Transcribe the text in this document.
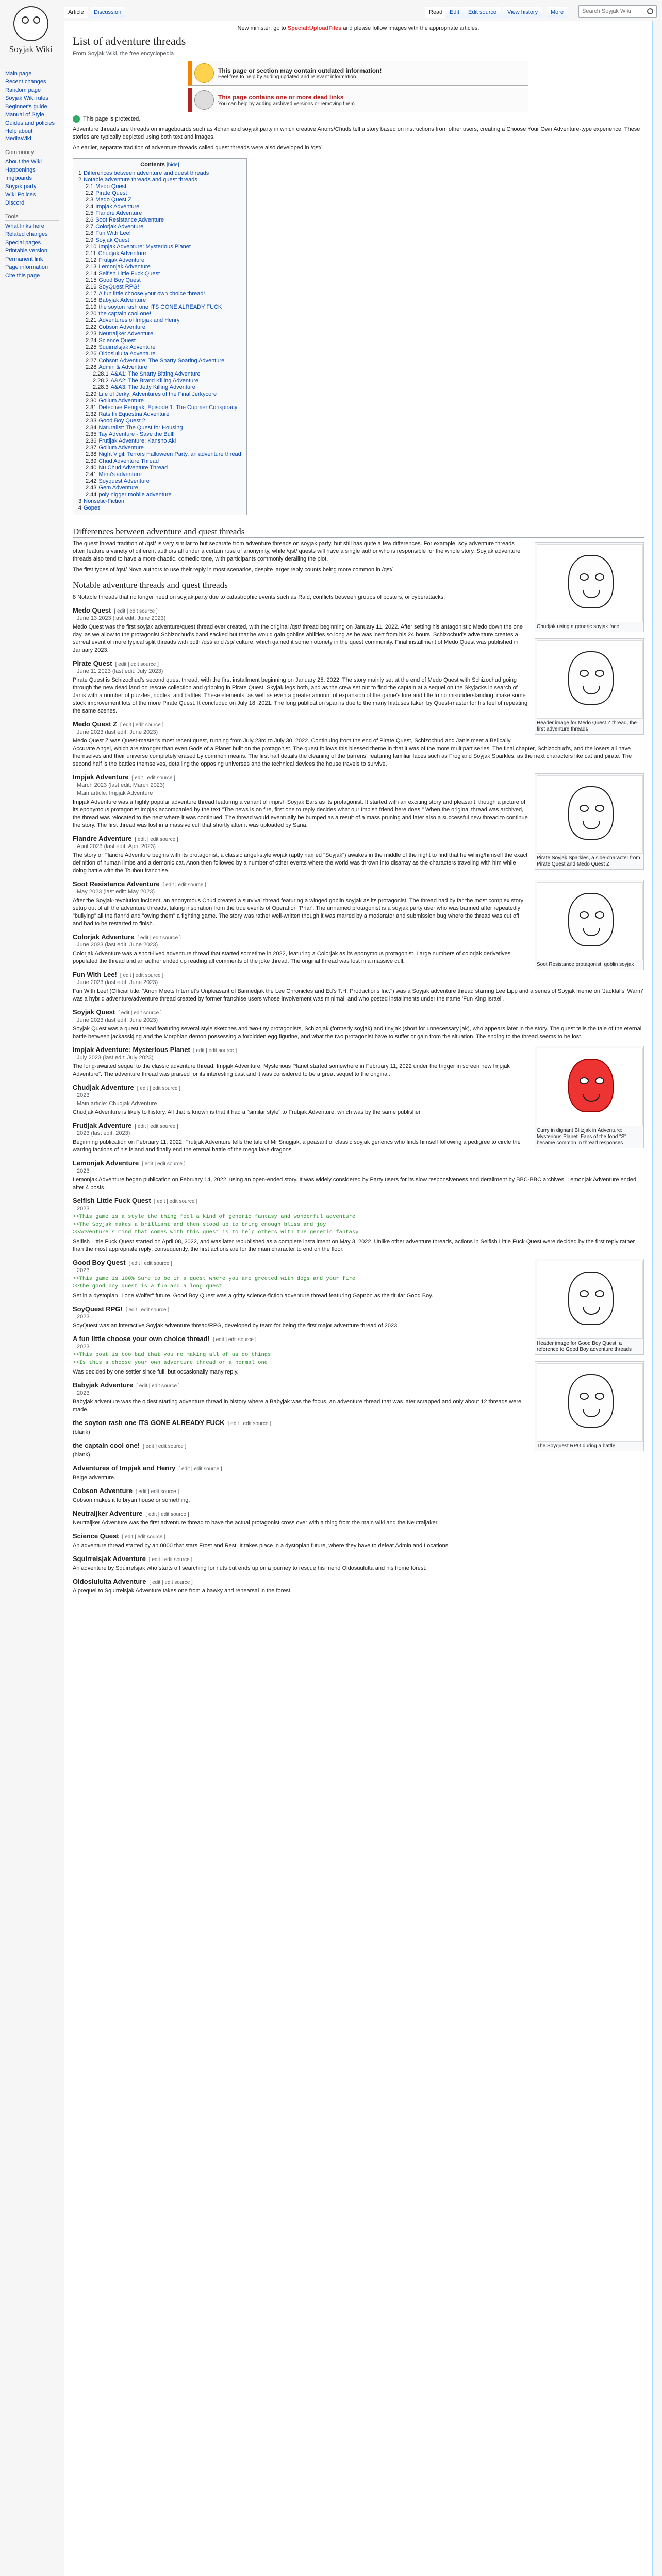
Soyjak Wiki
Main page
Recent changes
Random page
Soyjak Wiki rules
Beginner's guide
Manual of Style
Guides and policies
Help about MediaWiki
Community
About the Wiki
Happenings
Imgboards
Soyjak.party
Wiki Polices
Discord
Tools
What links here
Related changes
Special pages
Printable version
Permanent link
Page information
Cite this page
Article	Discussion	Read	Edit	Edit source	View history	More
Search Soyjak Wiki
New minister: go to Special:UploadFiles and please follow images with the appropriate articles.
List of adventure threads
From Soyjak Wiki, the free encyclopedia
This page or section may contain outdated information!
Feel free to help by adding updated and relevant information.
This page contains one or more dead links
You can help by adding archived versions or removing them.
This page is protected.

Adventure threads are threads on imageboards such as 4chan and soyjak.party in which creative Anons/Chuds tell a story based on instructions from other users, creating a Choose Your Own Adventure-type experience. These stories are typically depicted using both text and images.

An earlier, separate tradition of adventure threads called quest threads were also developed in /qst/.

Contents [hide]
1 Differences between adventure and quest threads
2 Notable adventure threads and quest threads
2.1 Medo Quest
2.2 Pirate Quest
2.3 Medo Quest Z
2.4 Impjak Adventure
2.5 Flandre Adventure
2.6 Soot Resistance Adventure
2.7 Colorjak Adventure
2.8 Fun With Lee!
2.9 Soyjak Quest
2.10 Impjak Adventure: Mysterious Planet
2.11 Chudjak Adventure
2.12 Frutijak Adventure
2.13 Lemonjak Adventure
2.14 Selfish Little Fuck Quest
2.15 Good Boy Quest
2.16 SoyQuest RPG!
2.17 A fun little choose your own choice thread!
2.18 Babyjak Adventure
2.19 the soyton rash one ITS GONE ALREADY FUCK
2.20 the captain cool one!
2.21 Adventures of Impjak and Henry
2.22 Cobson Adventure
2.23 Neutraljker Adventure
2.24 Science Quest
2.25 Squirrelsjak Adventure
2.26 Oldosiululta Adventure
2.27 Cobson Adventure: The Snarty Soaring Adventure
2.28 Admin & Adventure
2.28.1 A&A1: The Snarty Bitting Adventure
2.28.2 A&A2: The Brand Killing Adventure
2.28.3 A&A3: The Jetty Killing Adventure
2.29 Life of Jerky: Adventures of the Final Jerkycore
2.30 Gollum Adventure
2.31 Detective Pengjak, Episode 1: The Cupmer Conspiracy
2.32 Rats In Equestria Adventure
2.33 Good Boy Quest 2
2.34 Naturalist: The Quest for Housing
2.35 Tay Adventure - Save the Bull!
2.36 Frutijak Adventure: Kansho Aki
2.37 Gollum Adventure
2.38 Night Vigil: Terrors Halloween Party, an adventure thread
2.39 Chud Adventure Thread
2.40 Nu Chud Adventure Thread
2.41 Meni's adventure
2.42 Soyquest Adventure
2.43 Gem Adventure
2.44 poly nigger mobile adventure
3 Nonsetic-Fiction
4 Gopes
Differences between adventure and quest threads
Chudjak using a generic soyjak face

The quest thread tradition of /qst/ is very similar to but separate from adventure threads on soyjak.party, but still has quite a few differences. For example, soy adventure threads often feature a variety of different authors all under a certain ruse of anonymity, while /qst/ quests will have a single author who is responsible for the whole story. Soyjak adventure threads also tend to have a more chaotic, comedic tone, with participants commonly derailing the plot.

The first types of /qst/ Nova authors to use their reply in most scenarios, despite larger reply counts being more common in /qst/.

Notable adventure threads and quest threads

8 Notable threads that no longer need on soyjak.party due to catastrophic events such as Raid, conflicts between groups of posters, or cyberattacks.

Header image for Medo Quest Z thread, the first adventure threads
Medo Quest [ edit | edit source ]
June 13 2023 (last edit: June 2023)

Medo Quest was the first soyjak adventure/quest thread ever created, with the original /qst/ thread beginning on January 11, 2022. After setting his antagonistic Medo down the one day, as we allow to the protagonist Schizochud's band sacked but that he would gain goblins abilities so long as he was inert from his 24 hours. Schizochud's adventure creates a surreal event of more typical split threads with both /qst/ and /sp/ culture, which gained it some notoriety in the quest community. Final installment of Medo Quest was published in January 2023.

Pirate Quest [ edit | edit source ]
June 11 2023 (last edit: July 2023)

Pirate Quest is Schizochud's second quest thread, with the first installment beginning on January 25, 2022. The story mainly set at the end of Medo Quest with Schizochud going through the new dead land on rescue collection and gripping in Pirate Quest. Skyjak legs both, and as the crew set out to find the captain at a sequel on the Skyjacks in search of Janis with a number of puzzles, riddles, and battles. These elements, as well as even a greater amount of expansion of the game's lore and title to no misunderstanding, make some stock improvement lots of the more Pirate Quest. It concluded on July 18, 2021. The long publication span is due to the many hiatuses taken by Quest-master for his feel of repeating the same scenes.

Medo Quest Z [ edit | edit source ]
June 2023 (last edit: June 2023)

Medo Quest Z was Quest-master's most recent quest, running from July 23rd to July 30, 2022. Continuing from the end of Pirate Quest, Schizochud and Janis meet a Belically Accurate Angel, which are stronger than even Gods of a Planet built on the protagonist. The quest follows this blessed theme in that it was of the more multipart series. The final chapter, Schizochud's, and the losers all have themselves and their universe completely erased by common means. The first half details the cleaning of the barrens, featuring familiar faces such as Frog and Soyjak Sparkles, as the next characters like cat and pirate. The second half is the battles themselves, detailing the opposing universes and the technical devices the house travels to survive.

Pirate Soyjak Sparkles, a side-character from Pirate Quest and Medo Quest Z
Impjak Adventure [ edit | edit source ]
March 2023 (last edit: March 2023)
Main article: Impjak Adventure

Impjak Adventure was a highly popular adventure thread featuring a variant of impish Soyjak Ears as its protagonist. It started with an exciting story and pleasant, though a picture of its eponymous protagonist Impjak accompanied by the text "The news is on fire, first one to reply decides what our Impish friend here does." When the original thread was archived, the thread was relocated to the next where it was continued. The thread would eventually be bumped as a result of a mass pruning and later also a successful new thread to continue the story. The first thread was lost in a massive cull that shortly after it was uploaded by Sana.

Flandre Adventure [ edit | edit source ]
April 2023 (last edit: April 2023)

The story of Flandre Adventure begins with its protagonist, a classic angel-style wojak (aptly named "Soyjak") awakes in the middle of the night to find that he willing/himself the exact definition of human limbs and a demonic cat. Anon then followed by a number of other events where the world was thrown into disarray as the characters traveling with him while doing battle with the Touhou franchise.

Soot Resistance protagonist, goblin soyjak
Soot Resistance Adventure [ edit | edit source ]
May 2023 (last edit: May 2023)

After the Soyjak-revolution incident, an anonymous Chud created a survival thread featuring a winged goblin soyjak as its protagonist. The thread had by far the most complex story setup out of all the adventure threads, taking inspiration from the true events of Operation 'Phar'. The unnamed protagonist is a soyjak.party user who was banned after repeatedly "bullying" all the flanr'd and "owing them" a fighting game. The story was rather well-written though it was marred by a moderator and submission bug where the thread was cut off and had to be restarted to finish.

Colorjak Adventure [ edit | edit source ]
June 2023 (last edit: June 2023)

Colorjak Adventure was a short-lived adventure thread that started sometime in 2022, featuring a Colorjak as its eponymous protagonist. Large numbers of colorjak derivatives populated the thread and an author ended up reading all comments of the joke thread. The original thread was lost in a massive cull.

Fun With Lee! [ edit | edit source ]
June 2023 (last edit: June 2023)

Fun With Lee! (Official title: "Anon Meets Internet's Unpleasant of Bannedjak the Lee Chronicles and Ed's T.H. Productions Inc.") was a Soyjak adventure thread starring Lee Lipp and a series of Soyjak meme on 'Jackfalls' Warm' was a hybrid adventure/adventure thread created by former franchise users whose involvement was minimal, and who posted installments under the name 'Fun King Israel'.

Soyjak Quest [ edit | edit source ]
June 2023 (last edit: June 2023)

Soyjak Quest was a quest thread featuring several style sketches and two-tiny protagonists, Schizojak (formerly soyjak) and tinyjak (short for unnecessary jak), who appears later in the story. The quest tells the tale of the eternal battle between jackasskjing and the Morphian demon possessing a forbidden egg figurine, and what the two protagonist have to suffer or gain from the situation. The ending to the thread seems to be lost.

Curry in dignant Blitzjak in Adventure: Mysterious Planet. Fans of the fond "S" became common in thread responses
Impjak Adventure: Mysterious Planet [ edit | edit source ]
July 2023 (last edit: July 2023)

The long-awaited sequel to the classic adventure thread, Impjak Adventure: Mysterious Planet started somewhere in February 11, 2022 under the trigger in screen new Impjak Adventure". The adventure thread was praised for its interesting cast and it was considered to be a great sequel to the original.

Chudjak Adventure [ edit | edit source ]
2023
Main article: Chudjak Adventure

Chudjak Adventure is likely to history. All that is known is that it had a "similar style" to Frutijak Adventure, which was by the same publisher.

Frutijak Adventure [ edit | edit source ]
2023 (last edit: 2023)

Beginning publication on February 11, 2022, Frutijak Adventure tells the tale of Mr Snugjak, a peasant of classic soyjak generics who finds himself following a pedigree to circle the warring factions of his island and finally end the eternal battle of the mega lake dragons.

Lemonjak Adventure [ edit | edit source ]
2023

Lemonjak Adventure began publication on February 14, 2022, using an open-ended story. It was widely considered by Party users for its slow responsiveness and derailment by BBC-BBC archives. Lemonjak Adventure ended after 4 posts.

Selfish Little Fuck Quest [ edit | edit source ]
2023
>>This game is a style the thing feel a kind of generic fantasy and wonderful adventure
>>The Soyjak makes a brilliant and then stood up to bring enough bliss and joy
>>Adventure's mind that comes with this quest is to help others with the generic fantasy

Selfish Little Fuck Quest started on April 08, 2022, and was later republished as a complete installment on May 3, 2022. Unlike other adventure threads, actions in Selfish Little Fuck Quest were decided by the first reply rather than the most appropriate reply; consequently, the first actions are for the main character to end on the floor.

Header image for Good Boy Quest, a reference to Good Boy adventure threads
Good Boy Quest [ edit | edit source ]
2023
>>This game is 100% Sure to be in a quest where you are greeted with dogs and your fire
>>The good boy quest is a fun and a long quest

Set in a dystopian "Lone Wolfer" future, Good Boy Quest was a gritty science-fiction adventure thread featuring Gapnbn as the titular Good Boy.

The Soyquest RPG during a battle
SoyQuest RPG! [ edit | edit source ]
2023

SoyQuest was an interactive Soyjak adventure thread/RPG, developed by team for being the first major adventure thread of 2023.

A fun little choose your own choice thread! [ edit | edit source ]
2023
>>This post is too bad that you're making all of us do things
>>Is this a choose your own adventure thread or a normal one

Was decided by one settler since full, but occasionally many reply.

Babyjak Adventure [ edit | edit source ]
2023

Babyjak adventure was the oldest starting adventure thread in history where a Babyjak was the focus, an adventure thread that was later scrapped and only about 12 threads were made.

the soyton rash one ITS GONE ALREADY FUCK [ edit | edit source ]

(blank)

the captain cool one! [ edit | edit source ]

(blank)

Adventures of Impjak and Henry [ edit | edit source ]

Beige adventure.

Cobson Adventure [ edit | edit source ]

Cobson makes it to bryan house or something.

Neutraljker Adventure [ edit | edit source ]

Neutraljker Adventure was the first adventure thread to have the actual protagonist cross over with a thing from the main wiki and the Neutraljaker.

Science Quest [ edit | edit source ]

An adventure thread started by an 0000 that stars Frost and Rest. It takes place in a dystopian future, where they have to defeat Admin and Locations.

Squirrelsjak Adventure [ edit | edit source ]

An adventure by Squirrelsjak who starts off searching for nuts but ends up on a journey to rescue his friend Oldosuululta and his home forest.

Oldosiululta Adventure [ edit | edit source ]

A prequel to Squirrelsjak Adventure takes one from a bawky and rehearsal in the forest.
